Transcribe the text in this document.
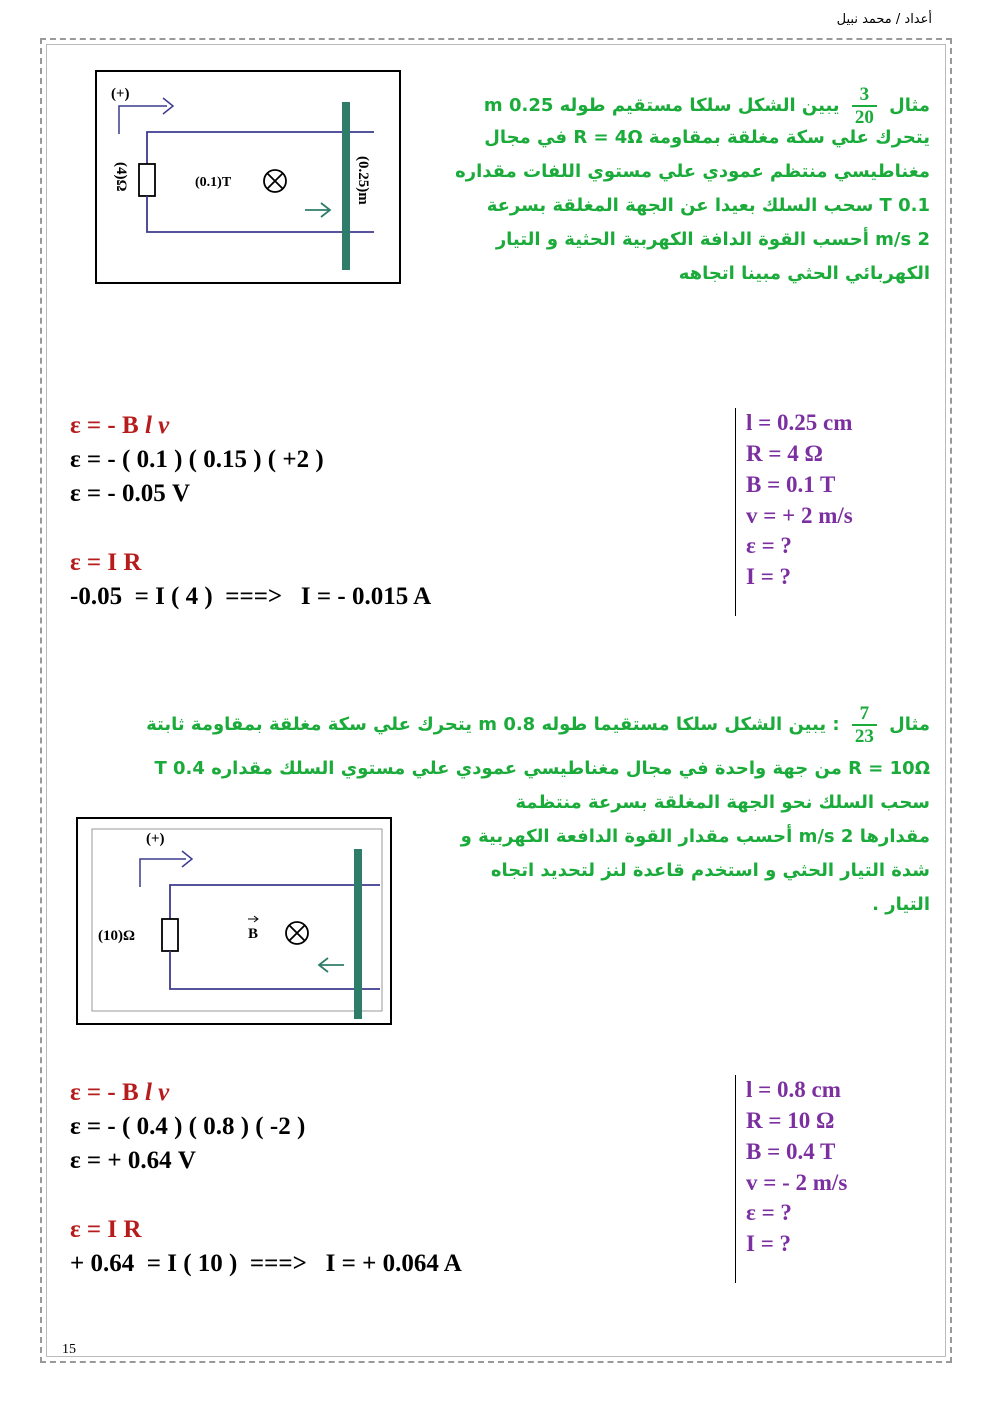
أعداد / محمد نبيل
15
(+)
(4)Ω	(0.1)T	(0.25)m
مثال
$\frac{3}{20}$
يبين الشكل سلكا مستقيم طوله 0.25 m
يتحرك علي سكة مغلقة بمقاومة R = 4Ω في مجال
مغناطيسي منتظم عمودي علي مستوي اللفات مقداره
0.1 T سحب السلك بعيدا عن الجهة المغلقة بسرعة
2 m/s أحسب القوة الدافة الكهربية الحثية و التيار
الكهربائي الحثي مبينا اتجاهه
ε = - B l v
ε = - ( 0.1 ) ( 0.15 ) ( +2 )
ε = - 0.05 V
ε = I R
-0.05  = I ( 4 )  ===>   I = - 0.015 A
l = 0.25 cm
R = 4 Ω
B = 0.1 T
v = + 2 m/s
ε = ?
I = ?
مثال
$\frac{7}{23}$
: يبين الشكل سلكا مستقيما طوله 0.8 m يتحرك علي سكة مغلقة بمقاومة ثابتة
R = 10Ω من جهة واحدة في مجال مغناطيسي عمودي علي مستوي السلك مقداره 0.4 T
سحب السلك نحو الجهة المغلقة بسرعة منتظمة
مقدارها 2 m/s أحسب مقدار القوة الدافعة الكهربية و
شدة التيار الحثي و استخدم قاعدة لنز لتحديد اتجاه
التيار .
(+)
(10)Ω	B
ε = - B l v
ε = - ( 0.4 ) ( 0.8 ) ( -2 )
ε = + 0.64 V
ε = I R
+ 0.64  = I ( 10 )  ===>   I = + 0.064 A
l = 0.8 cm
R = 10 Ω
B = 0.4 T
v = - 2 m/s
ε = ?
I = ?
